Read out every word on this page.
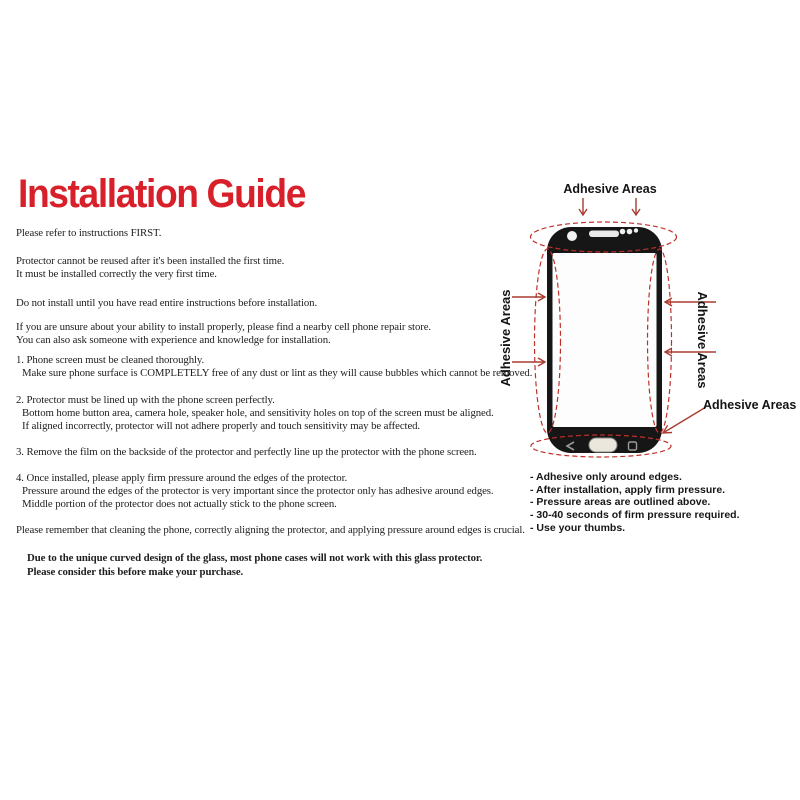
Installation Guide
Please refer to instructions FIRST.
Protector cannot be reused after it's been installed the first time.
It must be installed correctly the very first time.
Do not install until you have read entire instructions before installation.
If you are unsure about your ability to install properly, please find a nearby cell phone repair store.
You can also ask someone with experience and knowledge for installation.
1. Phone screen must be cleaned thoroughly.
Make sure phone surface is COMPLETELY free of any dust or lint as they will cause bubbles which cannot be removed.
2. Protector must be lined up with the phone screen perfectly.
Bottom home button area, camera hole, speaker hole, and sensitivity holes on top of the screen must be aligned.
If aligned incorrectly, protector will not adhere properly and touch sensitivity may be affected.
3. Remove the film on the backside of the protector and perfectly line up the protector with the phone screen.
4. Once installed, please apply firm pressure around the edges of the protector.
Pressure around the edges of the protector is very important since the protector only has adhesive around edges.
Middle portion of the protector does not actually stick to the phone screen.
Please remember that cleaning the phone, correctly aligning the protector, and applying pressure around edges is crucial.
Due to the unique curved design of the glass, most phone cases will not work with this glass protector.
Please consider this before make your purchase.
Adhesive Areas
Adhesive Areas	Adhesive Areas
Adhesive Areas
- Adhesive only around edges.
- After installation, apply firm pressure.
- Pressure areas are outlined above.
- 30-40 seconds of firm pressure required.
- Use your thumbs.
